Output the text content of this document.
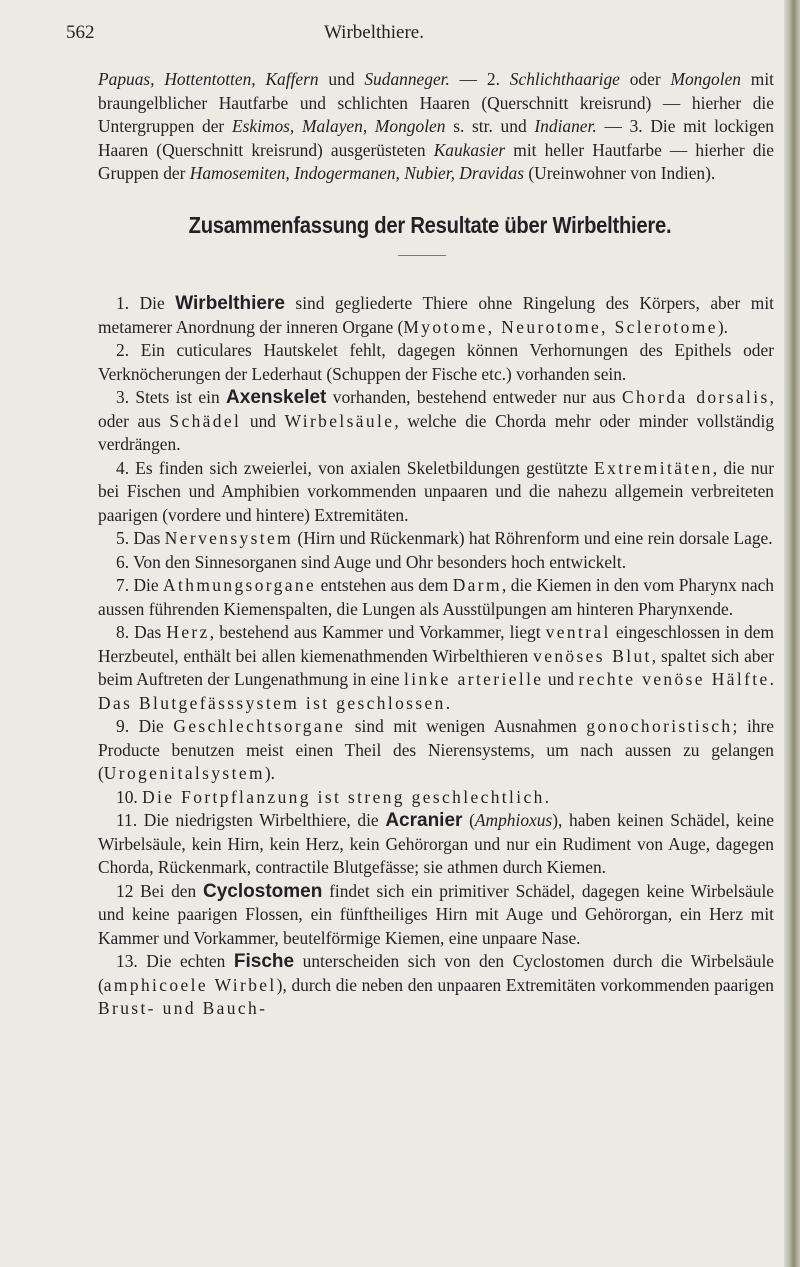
562	Wirbelthiere.

Papuas, Hottentotten, Kaffern und Sudanneger. — 2. Schlichthaarige oder Mongolen mit braungelblicher Hautfarbe und schlichten Haaren (Querschnitt kreisrund) — hierher die Untergruppen der Eskimos, Malayen, Mongolen s. str. und Indianer. — 3. Die mit lockigen Haaren (Querschnitt kreisrund) ausgerüsteten Kaukasier mit heller Hautfarbe — hierher die Gruppen der Hamosemiten, Indogermanen, Nubier, Dravidas (Ureinwohner von Indien).

Zusammenfassung der Resultate über Wirbelthiere.

1. Die Wirbelthiere sind gegliederte Thiere ohne Ringelung des Körpers, aber mit metamerer Anordnung der inneren Organe (Myotome, Neurotome, Sclerotome).

2. Ein cuticulares Hautskelet fehlt, dagegen können Verhornungen des Epithels oder Verknöcherungen der Lederhaut (Schuppen der Fische etc.) vorhanden sein.

3. Stets ist ein Axenskelet vorhanden, bestehend entweder nur aus Chorda dorsalis, oder aus Schädel und Wirbelsäule, welche die Chorda mehr oder minder vollständig verdrängen.

4. Es finden sich zweierlei, von axialen Skeletbildungen gestützte Extremitäten, die nur bei Fischen und Amphibien vorkommenden unpaaren und die nahezu allgemein verbreiteten paarigen (vordere und hintere) Extremitäten.

5. Das Nervensystem (Hirn und Rückenmark) hat Röhrenform und eine rein dorsale Lage.

6. Von den Sinnesorganen sind Auge und Ohr besonders hoch entwickelt.

7. Die Athmungsorgane entstehen aus dem Darm, die Kiemen in den vom Pharynx nach aussen führenden Kiemenspalten, die Lungen als Ausstülpungen am hinteren Pharynxende.

8. Das Herz, bestehend aus Kammer und Vorkammer, liegt ventral eingeschlossen in dem Herzbeutel, enthält bei allen kiemenathmenden Wirbelthieren venöses Blut, spaltet sich aber beim Auftreten der Lungenathmung in eine linke arterielle und rechte venöse Hälfte. Das Blutgefässsystem ist geschlossen.

9. Die Geschlechtsorgane sind mit wenigen Ausnahmen gonochoristisch; ihre Producte benutzen meist einen Theil des Nierensystems, um nach aussen zu gelangen (Urogenitalsystem).

10. Die Fortpflanzung ist streng geschlechtlich.

11. Die niedrigsten Wirbelthiere, die Acranier (Amphioxus), haben keinen Schädel, keine Wirbelsäule, kein Hirn, kein Herz, kein Gehörorgan und nur ein Rudiment von Auge, dagegen Chorda, Rückenmark, contractile Blutgefässe; sie athmen durch Kiemen.

12 Bei den Cyclostomen findet sich ein primitiver Schädel, dagegen keine Wirbelsäule und keine paarigen Flossen, ein fünftheiliges Hirn mit Auge und Gehörorgan, ein Herz mit Kammer und Vorkammer, beutelförmige Kiemen, eine unpaare Nase.

13. Die echten Fische unterscheiden sich von den Cyclostomen durch die Wirbelsäule (amphicoele Wirbel), durch die neben den unpaaren Extremitäten vorkommenden paarigen Brust- und Bauch-
